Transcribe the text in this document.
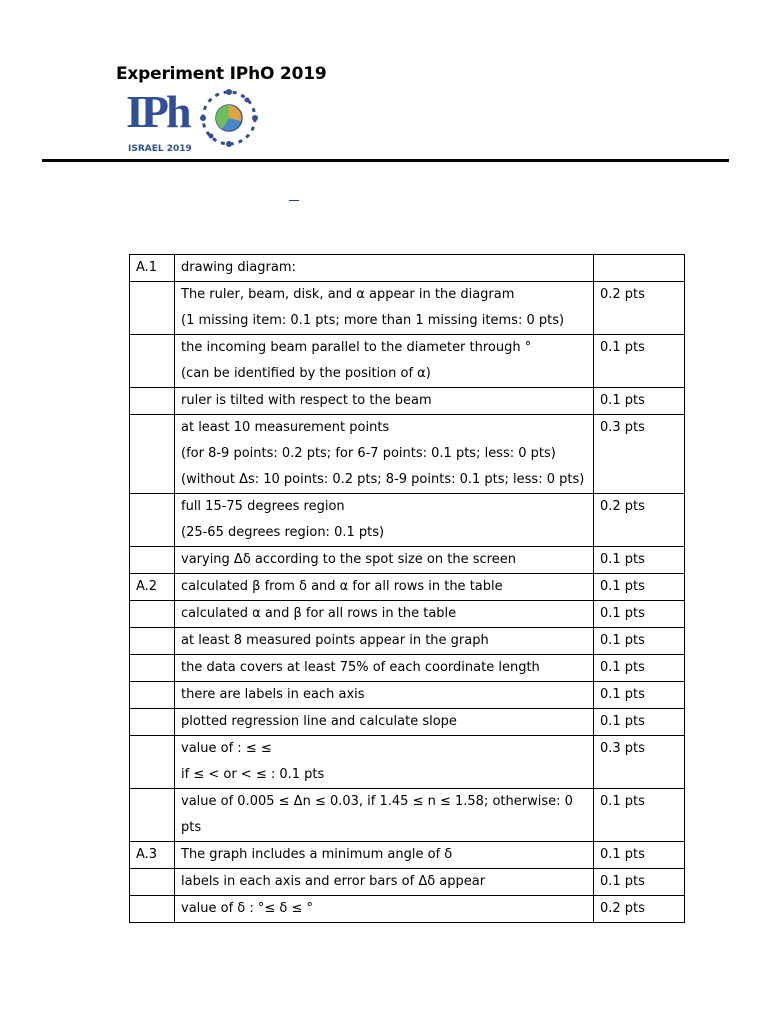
Experiment IPhO 2019
IPh
ISRAEL 2019
A.1	drawing diagram:	

	The ruler, beam, disk, and α appear in the diagram
(1 missing item: 0.1 pts; more than 1 missing items: 0 pts)	0.2 pts

	the incoming beam parallel to the diameter through °
(can be identified by the position of α)	0.1 pts

	ruler is tilted with respect to the beam	0.1 pts

	at least 10 measurement points
(for 8-9 points: 0.2 pts; for 6-7 points: 0.1 pts; less: 0 pts)
(without Δs: 10 points: 0.2 pts; 8-9 points: 0.1 pts; less: 0 pts)	0.3 pts

	full 15-75 degrees region
(25-65 degrees region: 0.1 pts)	0.2 pts

	varying Δδ according to the spot size on the screen	0.1 pts
A.2	calculated β from δ and α for all rows in the table	0.1 pts

	calculated α and β for all rows in the table	0.1 pts

	at least 8 measured points appear in the graph	0.1 pts

	the data covers at least 75% of each coordinate length	0.1 pts

	there are labels in each axis	0.1 pts

	plotted regression line and calculate slope	0.1 pts

	value of : ≤ ≤
if ≤ < or < ≤ : 0.1 pts	0.3 pts

	value of 0.005 ≤ Δn ≤ 0.03, if 1.45 ≤ n ≤ 1.58; otherwise: 0 pts	0.1 pts
A.3	The graph includes a minimum angle of δ	0.1 pts

	labels in each axis and error bars of Δδ appear	0.1 pts

	value of δ : °≤ δ ≤ °	0.2 pts
